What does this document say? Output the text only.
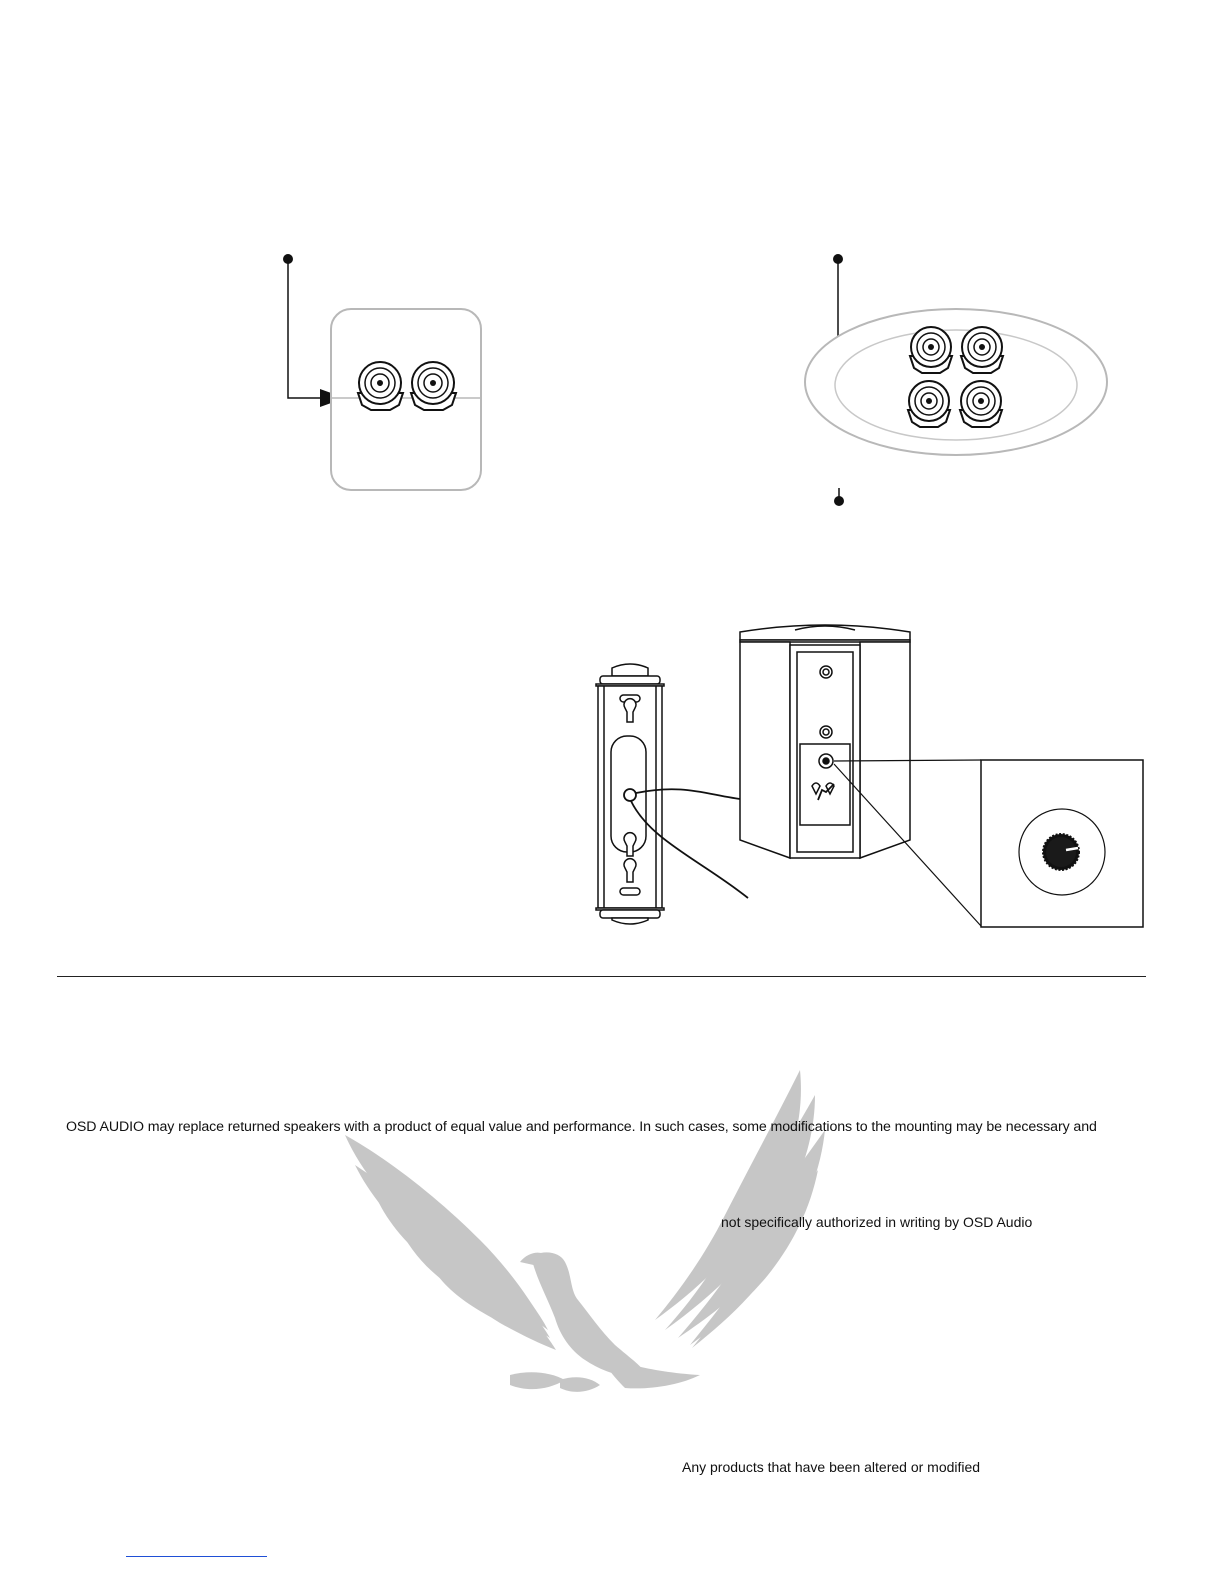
OSD AUDIO may replace returned speakers with a product of equal value and performance. In such cases, some modifications to the mounting may be necessary and
not specifically authorized in writing by OSD Audio
Any products that have been altered or modified
